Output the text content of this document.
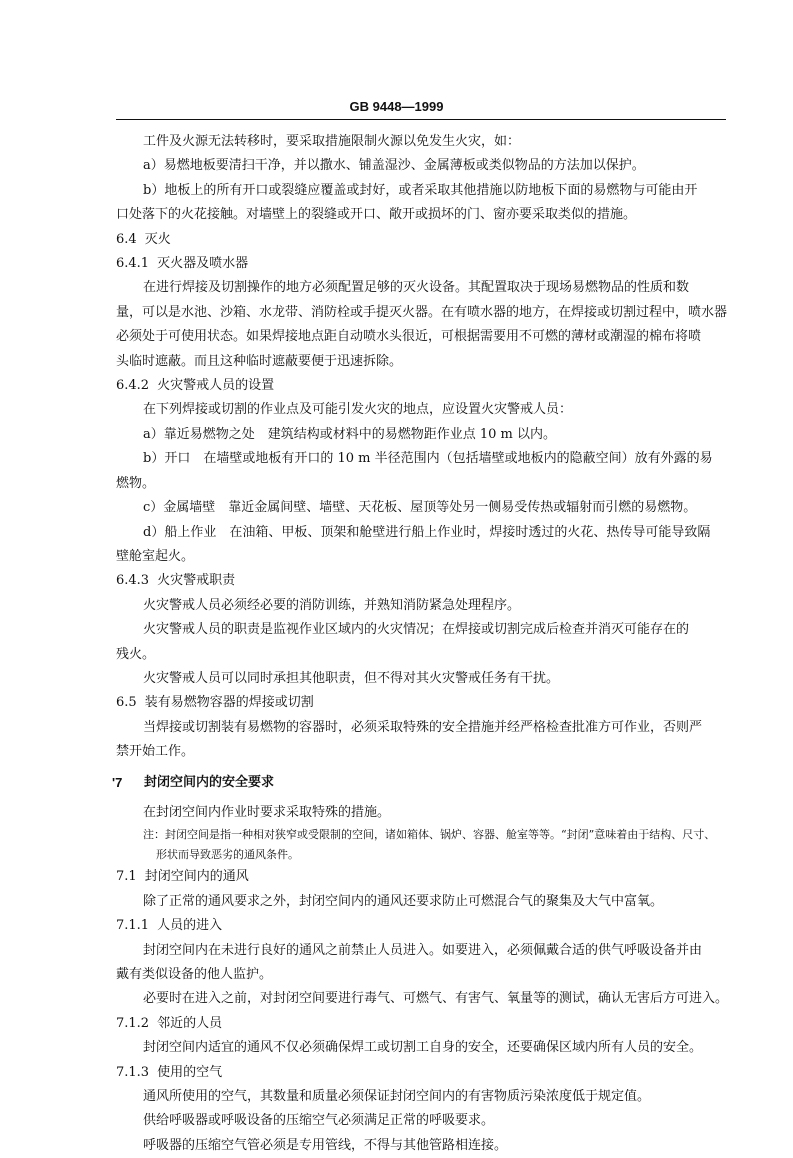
GB 9448—1999
工件及火源无法转移时，要采取措施限制火源以免发生火灾，如：
a）易燃地板要清扫干净，并以撒水、铺盖湿沙、金属薄板或类似物品的方法加以保护。
b）地板上的所有开口或裂缝应覆盖或封好，或者采取其他措施以防地板下面的易燃物与可能由开
口处落下的火花接触。对墙壁上的裂缝或开口、敞开或损坏的门、窗亦要采取类似的措施。
6.4 灭火
6.4.1 灭火器及喷水器
在进行焊接及切割操作的地方必须配置足够的灭火设备。其配置取决于现场易燃物品的性质和数
量，可以是水池、沙箱、水龙带、消防栓或手提灭火器。在有喷水器的地方，在焊接或切割过程中，喷水器
必须处于可使用状态。如果焊接地点距自动喷水头很近，可根据需要用不可燃的薄材或潮湿的棉布将喷
头临时遮蔽。而且这种临时遮蔽要便于迅速拆除。
6.4.2 火灾警戒人员的设置
在下列焊接或切割的作业点及可能引发火灾的地点，应设置火灾警戒人员：
a）靠近易燃物之处　建筑结构或材料中的易燃物距作业点 10 m 以内。
b）开口　在墙壁或地板有开口的 10 m 半径范围内（包括墙壁或地板内的隐蔽空间）放有外露的易
燃物。
c）金属墙壁　靠近金属间壁、墙壁、天花板、屋顶等处另一侧易受传热或辐射而引燃的易燃物。
d）船上作业　在油箱、甲板、顶架和舱壁进行船上作业时，焊接时透过的火花、热传导可能导致隔
壁舱室起火。
6.4.3 火灾警戒职责
火灾警戒人员必须经必要的消防训练，并熟知消防紧急处理程序。
火灾警戒人员的职责是监视作业区域内的火灾情况；在焊接或切割完成后检查并消灭可能存在的
残火。
火灾警戒人员可以同时承担其他职责，但不得对其火灾警戒任务有干扰。
6.5 装有易燃物容器的焊接或切割
当焊接或切割装有易燃物的容器时，必须采取特殊的安全措施并经严格检查批准方可作业，否则严
禁开始工作。
'7 封闭空间内的安全要求
在封闭空间内作业时要求采取特殊的措施。
注：封闭空间是指一种相对狭窄或受限制的空间，诸如箱体、锅炉、容器、舱室等等。“封闭”意味着由于结构、尺寸、
形状而导致恶劣的通风条件。
7.1 封闭空间内的通风
除了正常的通风要求之外，封闭空间内的通风还要求防止可燃混合气的聚集及大气中富氧。
7.1.1 人员的进入
封闭空间内在未进行良好的通风之前禁止人员进入。如要进入，必须佩戴合适的供气呼吸设备并由
戴有类似设备的他人监护。
必要时在进入之前，对封闭空间要进行毒气、可燃气、有害气、氧量等的测试，确认无害后方可进入。
7.1.2 邻近的人员
封闭空间内适宜的通风不仅必须确保焊工或切割工自身的安全，还要确保区域内所有人员的安全。
7.1.3 使用的空气
通风所使用的空气，其数量和质量必须保证封闭空间内的有害物质污染浓度低于规定值。
供给呼吸器或呼吸设备的压缩空气必须满足正常的呼吸要求。
呼吸器的压缩空气管必须是专用管线，不得与其他管路相连接。
